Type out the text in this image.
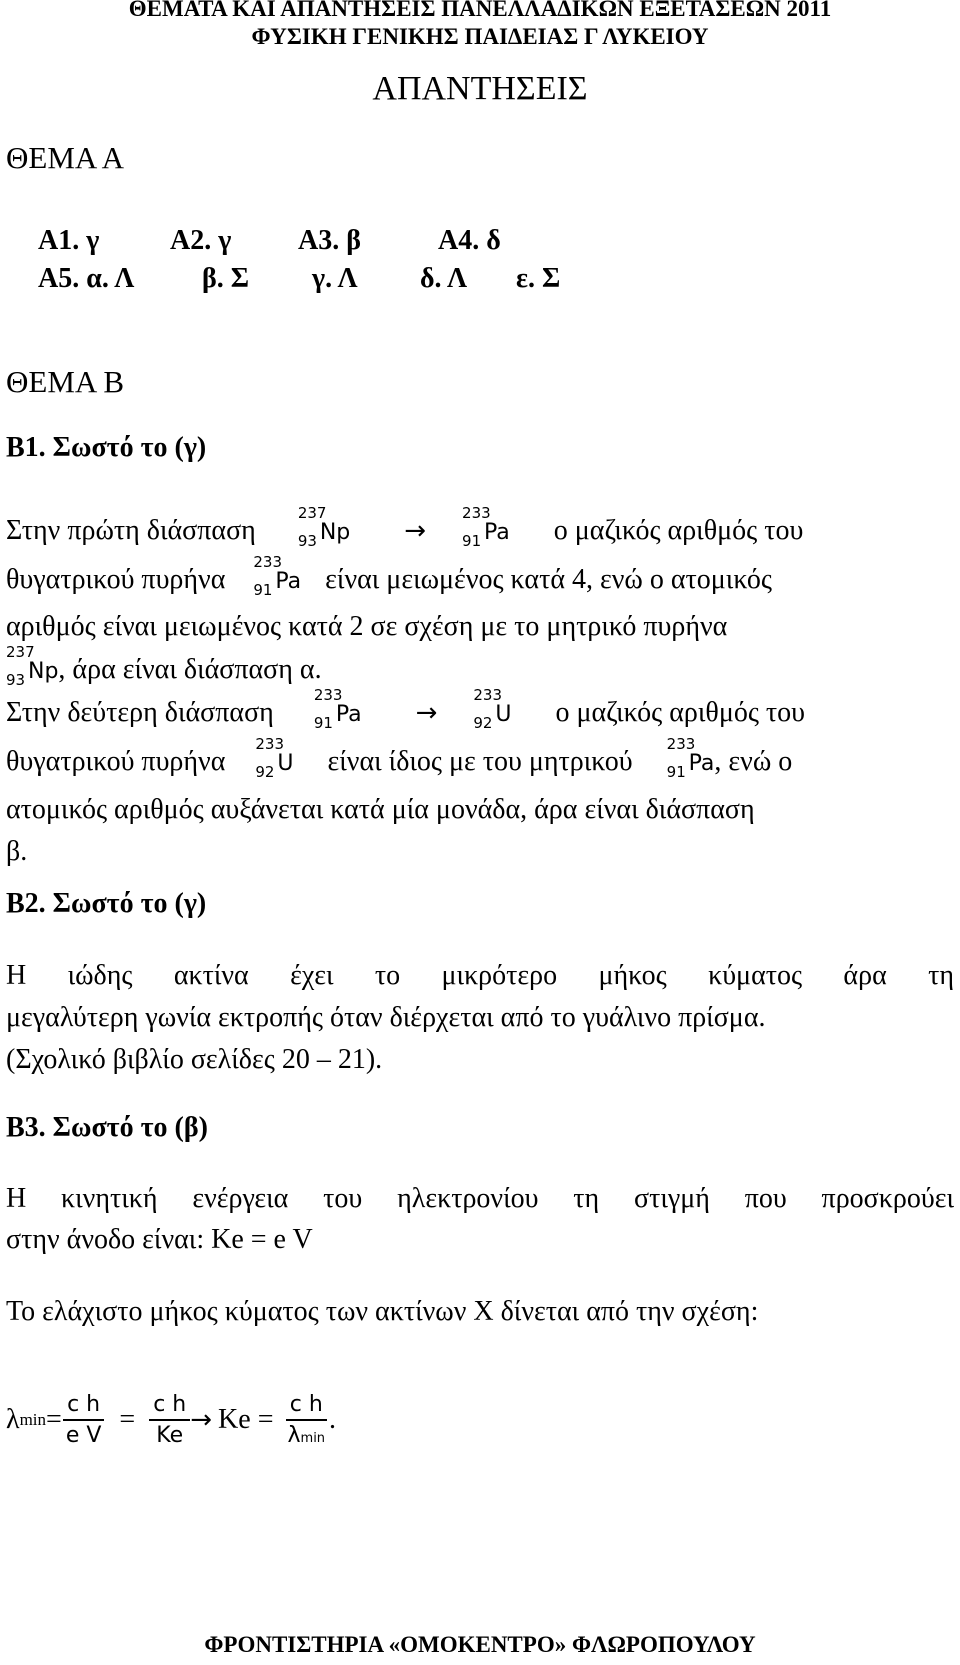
ΘΕΜΑΤΑ ΚΑΙ ΑΠΑΝΤΗΣΕΙΣ ΠΑΝΕΛΛΑΔΙΚΩΝ ΕΞΕΤΑΣΕΩΝ 2011
ΦΥΣΙΚΗ ΓΕΝΙΚΗΣ ΠΑΙΔΕΙΑΣ Γ ΛΥΚΕΙΟΥ
ΑΠΑΝΤΗΣΕΙΣ
ΘΕΜΑ Α
Α1. γ	Α2. γ Α3. β	Α4. δ
Α5. α. Λ β. Σ γ. Λ δ. Λ ε. Σ
ΘΕΜΑ Β
Β1. Σωστό το (γ)
Στην πρώτη διάσπαση
237
93 Np →
233
91 Pa ο μαζικός αριθμός του
θυγατρικού πυρήνα
233
91 Pa είναι μειωμένος κατά 4, ενώ ο ατομικός
αριθμός είναι μειωμένος κατά 2 σε σχέση με το μητρικό πυρήνα
237
93 Np, άρα είναι διάσπαση α.
Στην δεύτερη διάσπαση
233
91 Pa →
233
92 U ο μαζικός αριθμός του
θυγατρικού πυρήνα
233
92 U είναι ίδιος με του μητρικού
233
91 Pa, ενώ ο
ατομικός αριθμός αυξάνεται κατά μία μονάδα, άρα είναι διάσπαση
β.
Β2. Σωστό το (γ)
Η ιώδης ακτίνα έχει το μικρότερο μήκος κύματος άρα τη
μεγαλύτερη γωνία εκτροπής όταν διέρχεται από το γυάλινο πρίσμα.
(Σχολικό βιβλίο σελίδες 20 – 21).
Β3. Σωστό το (β)
Η κινητική ενέργεια του ηλεκτρονίου τη στιγμή που προσκρούει
στην άνοδο είναι: Κe = e V
Το ελάχιστο μήκος κύματος των ακτίνων Χ δίνεται από την σχέση:
λ $\min = \frac{\text{c h}}{\text{e V}} = \frac{\text{c h}}{Ke} \to Ke = \frac{\text{c h}}{\lambda\min}$ .
ΦΡΟΝΤΙΣΤΗΡΙΑ «ΟΜΟΚΕΝΤΡΟ» ΦΛΩΡΟΠΟΥΛΟΥ
